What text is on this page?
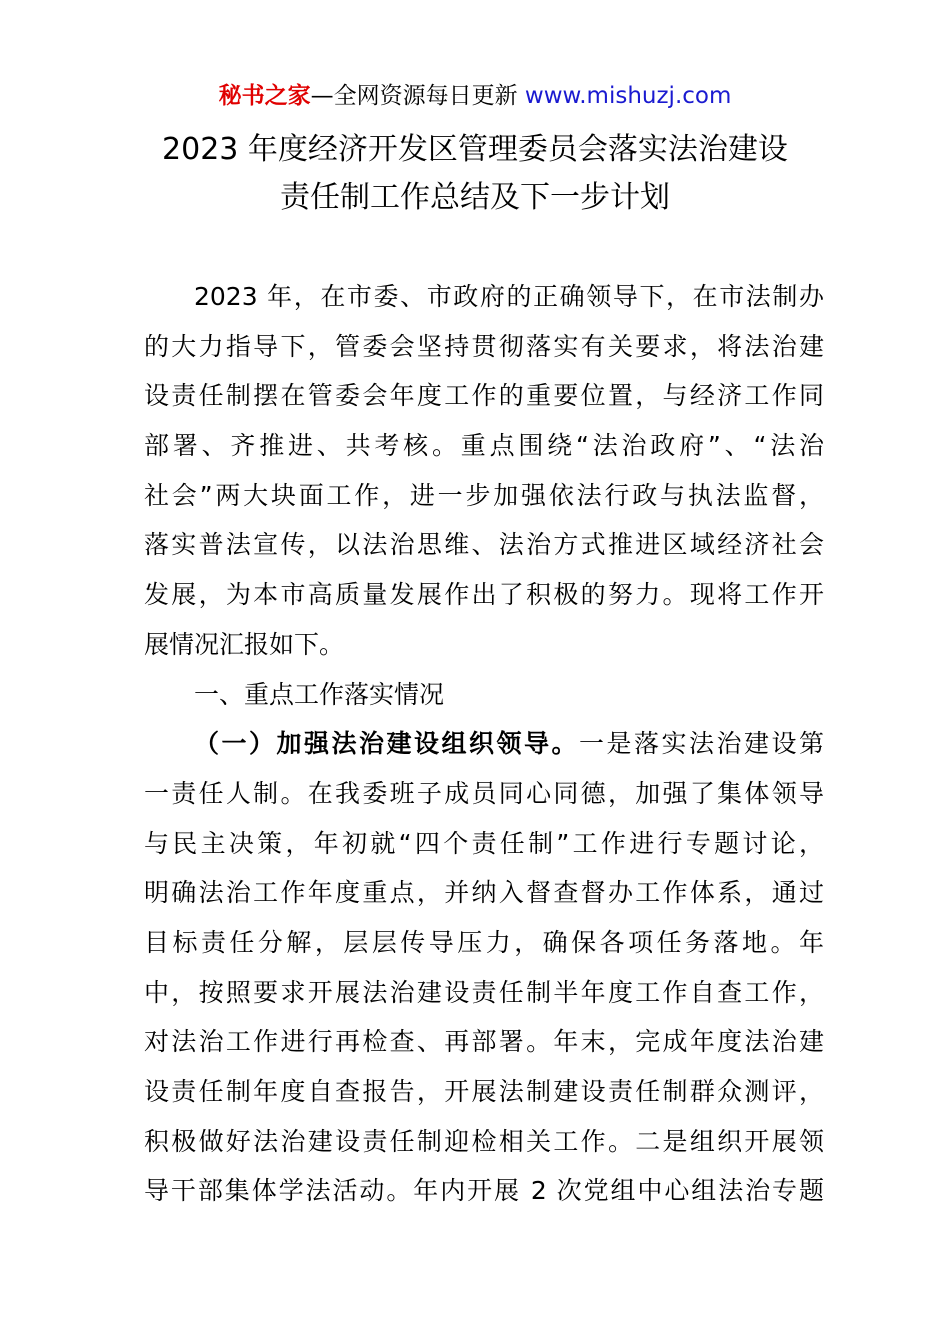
秘书之家—全网资源每日更新 www.mishuzj.com
2023 年度经济开发区管理委员会落实法治建设
责任制工作总结及下一步计划
2023 年，在市委、市政府的正确领导下，在市法制办
的大力指导下，管委会坚持贯彻落实有关要求，将法治建
设责任制摆在管委会年度工作的重要位置，与经济工作同
部署、齐推进、共考核。重点围绕“法治政府”、“法治
社会”两大块面工作，进一步加强依法行政与执法监督，
落实普法宣传，以法治思维、法治方式推进区域经济社会
发展，为本市高质量发展作出了积极的努力。现将工作开
展情况汇报如下。
一、重点工作落实情况
（一）加强法治建设组织领导。一是落实法治建设第
一责任人制。在我委班子成员同心同德，加强了集体领导
与民主决策，年初就“四个责任制”工作进行专题讨论，
明确法治工作年度重点，并纳入督查督办工作体系，通过
目标责任分解，层层传导压力，确保各项任务落地。年
中，按照要求开展法治建设责任制半年度工作自查工作，
对法治工作进行再检查、再部署。年末，完成年度法治建
设责任制年度自查报告，开展法制建设责任制群众测评，
积极做好法治建设责任制迎检相关工作。二是组织开展领
导干部集体学法活动。年内开展 2 次党组中心组法治专题
